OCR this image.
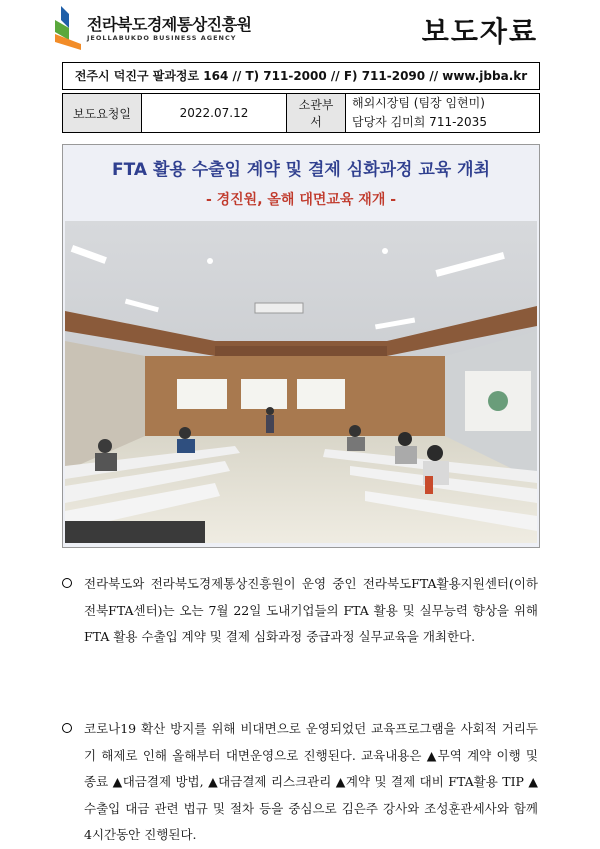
전라북도경제통상진흥원
JEOLLABUKDO BUSINESS AGENCY	보도자료
전주시 덕진구 팔과정로 164 // T) 711-2000 // F) 711-2090 // www.jbba.kr
보도요청일	2022.07.12	소관부서	
해외시장팀 (팀장 임현미)
담당자 김미희 711-2035
FTA 활용 수출입 계약 및 결제 심화과정 교육 개최
- 경진원, 올해 대면교육 재개 -
전라북도와 전라북도경제통상진흥원이 운영 중인 전라북도FTA활용지원센터(이하 전북FTA센터)는 오는 7월 22일 도내기업들의 FTA 활용 및 실무능력 향상을 위해 FTA 활용 수출입 계약 및 결제 심화과정 중급과정 실무교육을 개최한다.
코로나19 확산 방지를 위해 비대면으로 운영되었던 교육프로그램을 사회적 거리두기 해제로 인해 올해부터 대면운영으로 진행된다. 교육내용은 ▲무역 계약 이행 및 종료 ▲대금결제 방법, ▲대금결제 리스크관리 ▲계약 및 결제 대비 FTA활용 TIP ▲수출입 대금 관련 법규 및 절차 등을 중심으로 김은주 강사와 조성훈관세사와 함께 4시간동안 진행된다.
